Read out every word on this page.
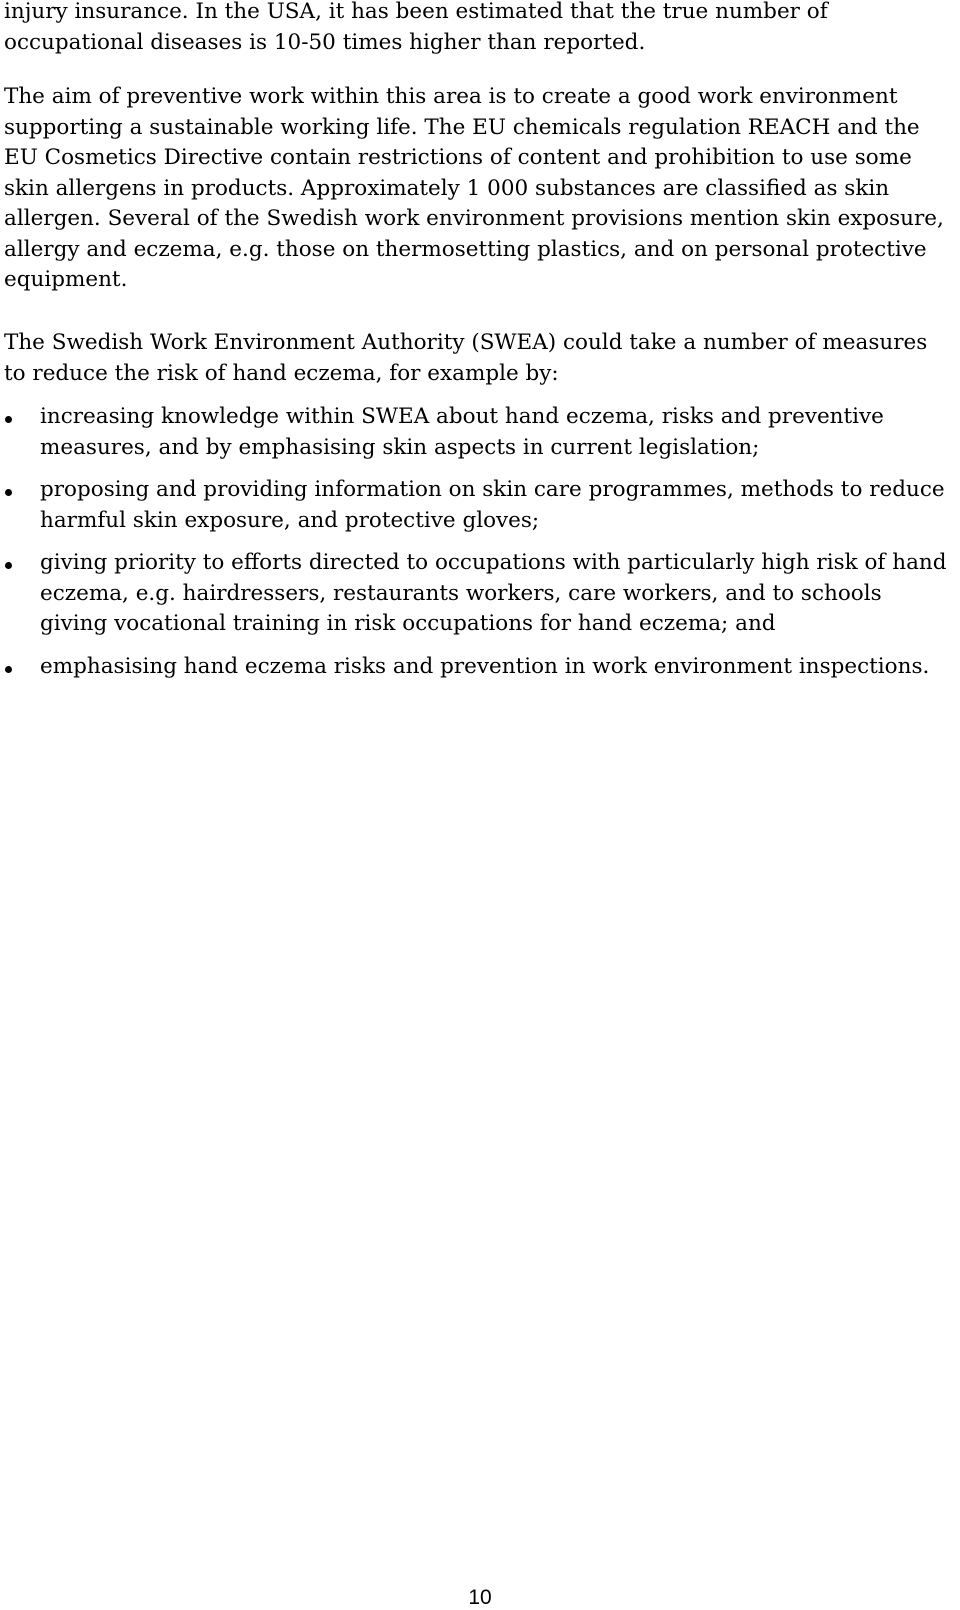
injury insurance. In the USA, it has been estimated that the true number of occupational diseases is 10-50 times higher than reported.

The aim of preventive work within this area is to create a good work environment supporting a sustainable working life. The EU chemicals regulation REACH and the EU Cosmetics Directive contain restrictions of content and prohibition to use some skin allergens in products. Approximately 1 000 substances are classified as skin allergen. Several of the Swedish work environment provisions mention skin exposure, allergy and eczema, e.g. those on thermosetting plastics, and on personal protective equipment.

The Swedish Work Environment Authority (SWEA) could take a number of measures to reduce the risk of hand eczema, for example by:

increasing knowledge within SWEA about hand eczema, risks and preventive measures, and by emphasising skin aspects in current legislation;
proposing and providing information on skin care programmes, methods to reduce harmful skin exposure, and protective gloves;
giving priority to efforts directed to occupations with particularly high risk of hand eczema, e.g. hairdressers, restaurants workers, care workers, and to schools giving vocational training in risk occupations for hand eczema; and
emphasising hand eczema risks and prevention in work environment inspections.
10
